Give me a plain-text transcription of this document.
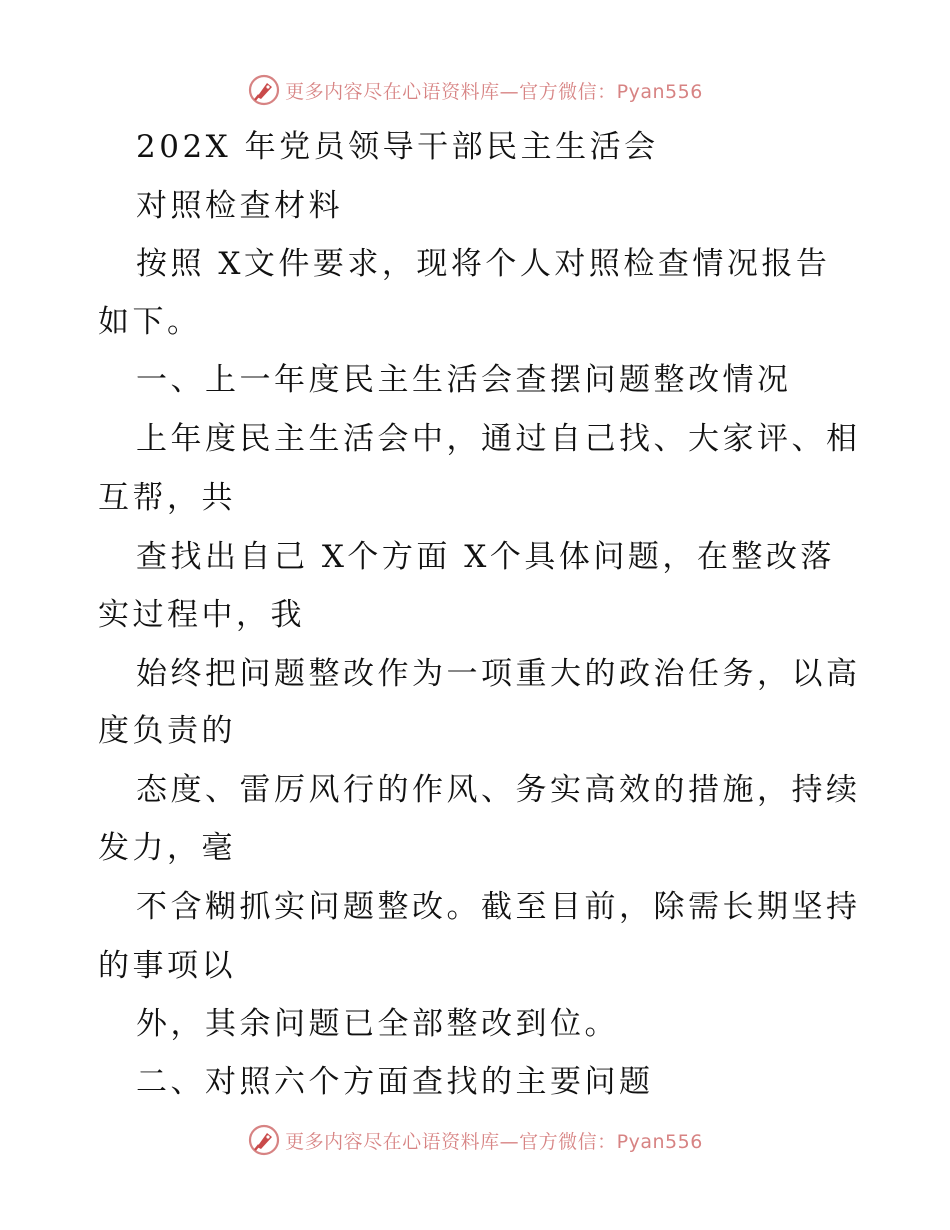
更多内容尽在心语资料库—官方微信：Pyan556
202X 年党员领导干部民主生活会
对照检查材料
按照 X文件要求，现将个人对照检查情况报告
如下。
一、上一年度民主生活会查摆问题整改情况
上年度民主生活会中，通过自己找、大家评、相
互帮，共
查找出自己 X个方面 X个具体问题，在整改落
实过程中，我
始终把问题整改作为一项重大的政治任务，以高
度负责的
态度、雷厉风行的作风、务实高效的措施，持续
发力，毫
不含糊抓实问题整改。截至目前，除需长期坚持
的事项以
外，其余问题已全部整改到位。
二、对照六个方面查找的主要问题
更多内容尽在心语资料库—官方微信：Pyan556
